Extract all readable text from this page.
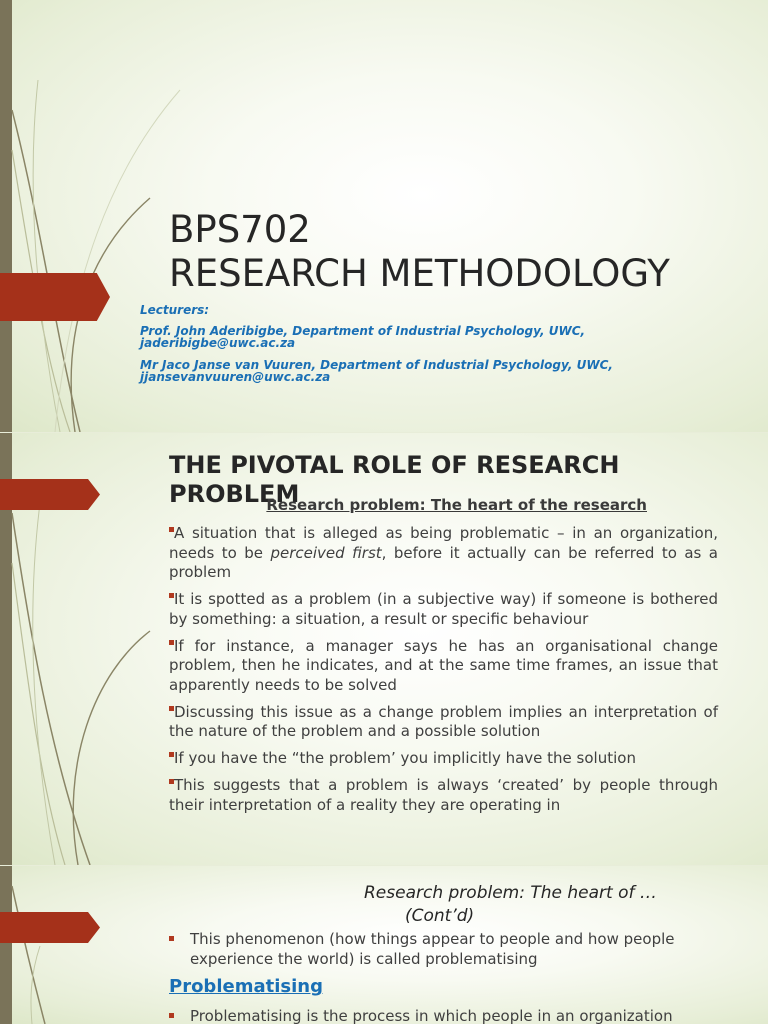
BPS702
RESEARCH METHODOLOGY
Lecturers:
Prof. John Aderibigbe, Department of Industrial Psychology, UWC,
jaderibigbe@uwc.ac.za
Mr Jaco Janse van Vuuren, Department of Industrial Psychology, UWC,
jjansevanvuuren@uwc.ac.za
THE PIVOTAL ROLE OF RESEARCH PROBLEM
Research problem: The heart of the research
A situation that is alleged as being problematic – in an organization, needs to be perceived first, before it actually can be referred to as a problem
It is spotted as a problem (in a subjective way) if someone is bothered by something: a situation, a result or specific behaviour
If for instance, a manager says he has an organisational change problem, then he indicates, and at the same time frames, an issue that apparently needs to be solved
Discussing this issue as a change problem implies an interpretation of the nature of the problem and a possible solution
If you have the “the problem’ you implicitly have the solution
This suggests that a problem is always ‘created’ by people through their interpretation of a reality they are operating in
Research problem: The heart of …
(Cont’d)
This phenomenon (how things appear to people and how people experience the world) is called problematising
Problematising
Problematising is the process in which people in an organization
